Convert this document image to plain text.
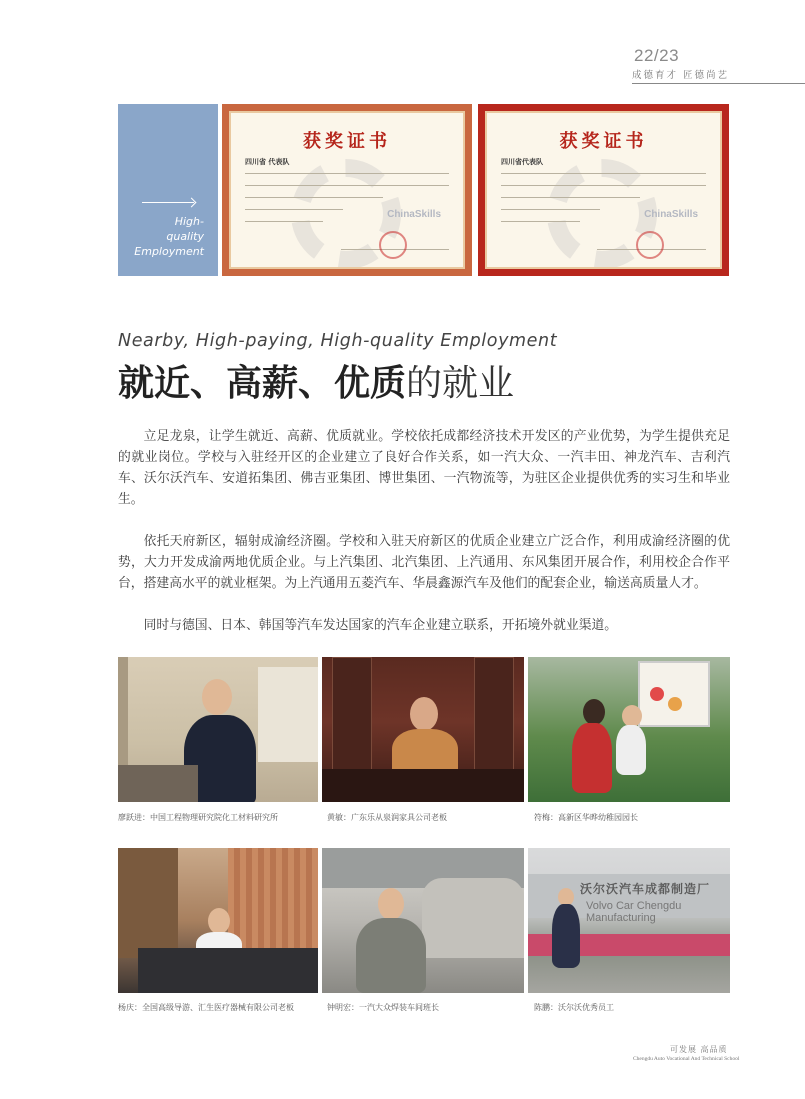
22/23
成德育才 匠德尚艺
High-
quality
Employment
获奖证书
四川省 代表队
ChinaSkills
获奖证书
四川省代表队
ChinaSkills
Nearby, High-paying, High-quality Employment
就近、高薪、优质的就业

立足龙泉，让学生就近、高薪、优质就业。学校依托成都经济技术开发区的产业优势，为学生提供充足的就业岗位。学校与入驻经开区的企业建立了良好合作关系，如一汽大众、一汽丰田、神龙汽车、吉利汽车、沃尔沃汽车、安道拓集团、佛吉亚集团、博世集团、一汽物流等，为驻区企业提供优秀的实习生和毕业生。

依托天府新区，辐射成渝经济圈。学校和入驻天府新区的优质企业建立广泛合作，利用成渝经济圈的优势，大力开发成渝两地优质企业。与上汽集团、北汽集团、上汽通用、东风集团开展合作，利用校企合作平台，搭建高水平的就业框架。为上汽通用五菱汽车、华晨鑫源汽车及他们的配套企业，输送高质量人才。

同时与德国、日本、韩国等汽车发达国家的汽车企业建立联系，开拓境外就业渠道。

廖跃进：中国工程物理研究院化工材料研究所	黄敏：广东乐从泉润家具公司老板	符梅：高新区华晔幼稚园园长
杨庆：全国高级导游、汇生医疗器械有限公司老板	钟明宏：一汽大众焊装车间班长
沃尔沃汽车成都制造厂
Volvo Car Chengdu Manufacturing
陈鹏：沃尔沃优秀员工
可发展 高品质
Chengdu Auto Vocational And Technical School
